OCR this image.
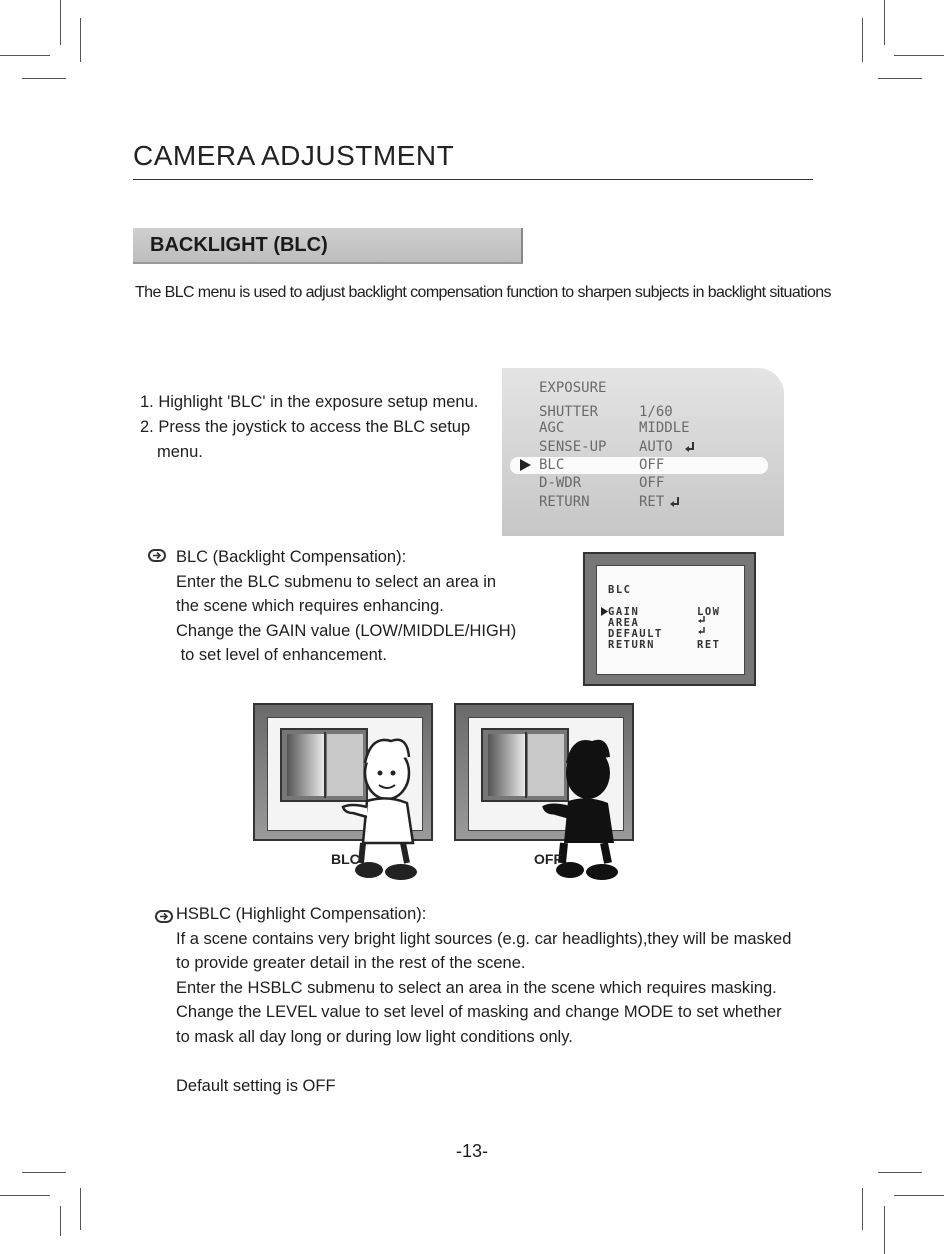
CAMERA ADJUSTMENT
BACKLIGHT (BLC)
The BLC menu is used to adjust backlight compensation function to sharpen subjects in backlight situations
1. Highlight 'BLC' in the exposure setup menu.
2. Press the joystick to access the BLC setup
menu.
EXPOSURE
SHUTTER	1/60
AGC	MIDDLE
SENSE-UP AUTO
BLC	OFF
D-WDR	OFF
RETURN	RET
BLC (Backlight Compensation):
Enter the BLC submenu to select an area in
the scene which requires enhancing.
Change the GAIN value (LOW/MIDDLE/HIGH)
to set level of enhancement.
BLC
GAIN	LOW
AREA
DEFAULT
RETURN	RET
BLC	OFF
HSBLC (Highlight Compensation):
If a scene contains very bright light sources (e.g. car headlights),they will be masked
to provide greater detail in the rest of the scene.
Enter the HSBLC submenu to select an area in the scene which requires masking.
Change the LEVEL value to set level of masking and change MODE to set whether
to mask all day long or during low light conditions only.
Default setting is OFF
-13-
